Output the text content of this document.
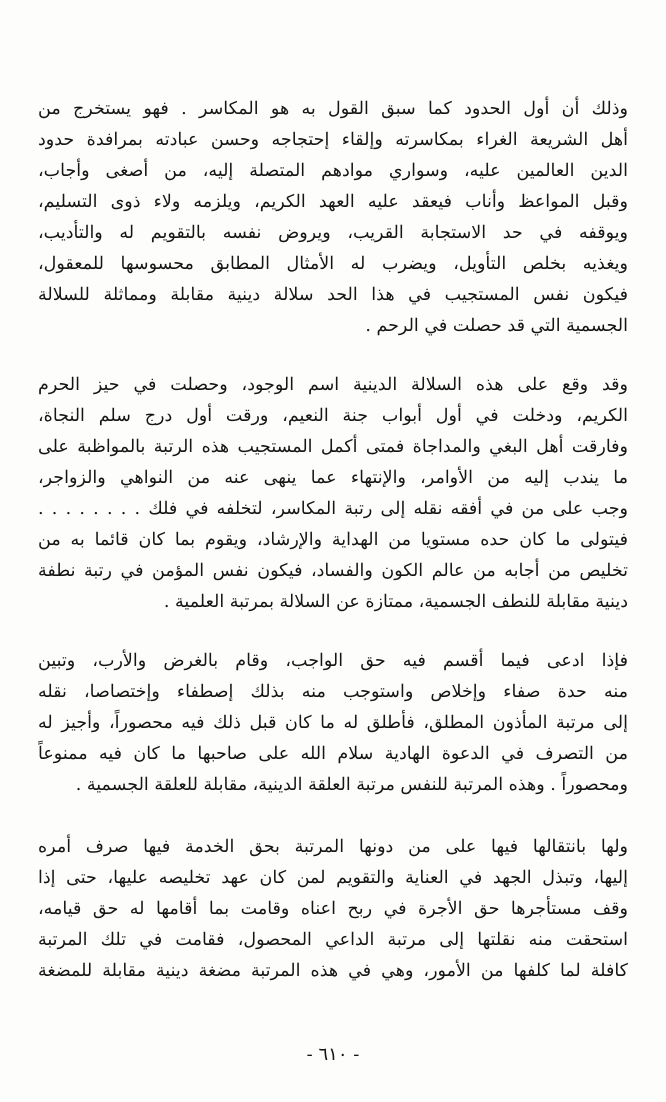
وذلك أن أول الحدود كما سبق القول به هو المكاسر . فهو يستخرج من
أهل الشريعة الغراء بمكاسرته وإلقاء إحتجاجه وحسن عبادته بمرافدة حدود
الدين العالمين عليه، وسواري موادهم المتصلة إليه، من أصغى وأجاب،
وقبل المواعظ وأناب فيعقد عليه العهد الكريم، ويلزمه ولاء ذوى التسليم،
ويوقفه في حد الاستجابة القريب، ويروض نفسه بالتقويم له والتأديب،
ويغذيه بخلص التأويل، ويضرب له الأمثال المطابق محسوسها للمعقول،
فيكون نفس المستجيب في هذا الحد سلالة دينية مقابلة ومماثلة للسلالة
الجسمية التي قد حصلت في الرحم .
وقد وقع على هذه السلالة الدينية اسم الوجود، وحصلت في حيز الحرم
الكريم، ودخلت في أول أبواب جنة النعيم، ورقت أول درج سلم النجاة،
وفارقت أهل البغي والمداجاة فمتى أكمل المستجيب هذه الرتبة بالمواظبة على
ما يندب إليه من الأوامر، والإنتهاء عما ينهى عنه من النواهي والزواجر،
وجب على من في أفقه نقله إلى رتبة المكاسر، لتخلفه في فلك . . . . . . . .
فيتولى ما كان حده مستويا من الهداية والإرشاد، ويقوم بما كان قائما به من
تخليص من أجابه من عالم الكون والفساد، فيكون نفس المؤمن في رتبة نطفة
دينية مقابلة للنطف الجسمية، ممتازة عن السلالة بمرتبة العلمية .
فإذا ادعى فيما أقسم فيه حق الواجب، وقام بالغرض والأرب، وتبين
منه حدة صفاء وإخلاص واستوجب منه بذلك إصطفاء وإختصاصا، نقله
إلى مرتبة المأذون المطلق، فأطلق له ما كان قبل ذلك فيه محصوراً، وأجيز له
من التصرف في الدعوة الهادية سلام الله على صاحبها ما كان فيه ممنوعاً
ومحصوراً . وهذه المرتبة للنفس مرتبة العلقة الدينية، مقابلة للعلقة الجسمية .
ولها بانتقالها فيها على من دونها المرتبة بحق الخدمة فيها صرف أمره
إليها، وتبذل الجهد في العناية والتقويم لمن كان عهد تخليصه عليها، حتى إذا
وقف مستأجرها حق الأجرة في ربح اعناه وقامت بما أقامها له حق قيامه،
استحقت منه نقلتها إلى مرتبة الداعي المحصول، فقامت في تلك المرتبة
كافلة لما كلفها من الأمور، وهي في هذه المرتبة مضغة دينية مقابلة للمضغة
- ٦١٠ -
